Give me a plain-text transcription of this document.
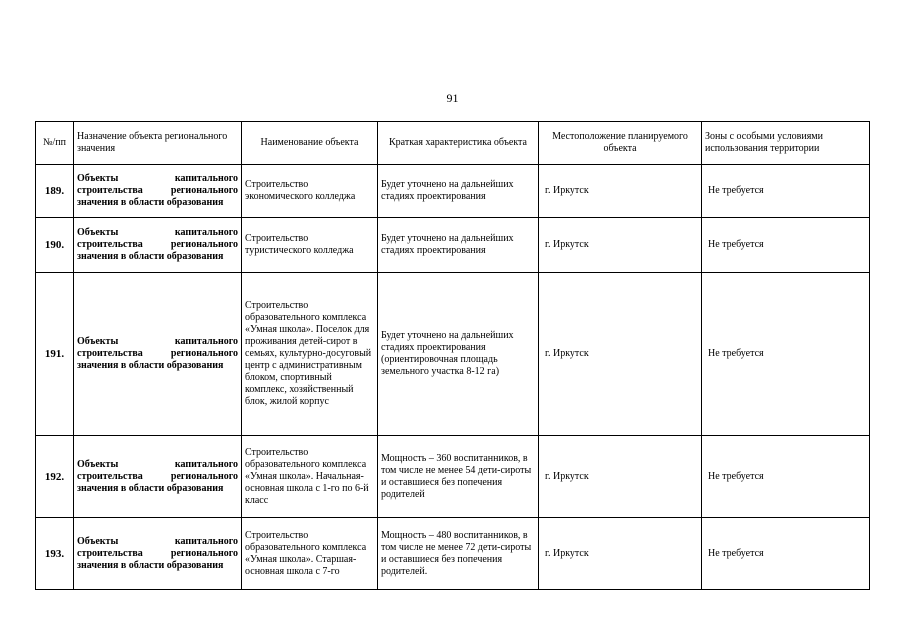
91
№/пп	Назначение объекта регионального значения	Наименование объекта	Краткая характеристика объекта	Местоположение планируемого объекта	Зоны с особыми условиями использования территории
189.	Объекты капитального строительства регионального значения в области образования	Строительство экономического колледжа	Будет уточнено на дальнейших стадиях проектирования	г. Иркутск	Не требуется
190.	Объекты капитального строительства регионального значения в области образования	Строительство туристического колледжа	Будет уточнено на дальнейших стадиях проектирования	г. Иркутск	Не требуется
191.	Объекты капитального строительства регионального значения в области образования	Строительство образовательного комплекса «Умная школа». Поселок для проживания детей-сирот в семьях, культурно-досуговый центр с административным блоком, спортивный комплекс, хозяйственный блок, жилой корпус	Будет уточнено на дальнейших стадиях проектирования (ориентировочная площадь земельного участка 8-12 га)	г. Иркутск	Не требуется
192.	Объекты капитального строительства регионального значения в области образования	Строительство образовательного комплекса «Умная школа». Начальная-основная школа с 1-го по 6-й класс	Мощность – 360 воспитанников, в том числе не менее 54 дети-сироты и оставшиеся без попечения родителей	г. Иркутск	Не требуется
193.	Объекты капитального строительства регионального значения в области образования	Строительство образовательного комплекса «Умная школа». Старшая-основная школа с 7-го	Мощность – 480 воспитанников, в том числе не менее 72 дети-сироты и оставшиеся без попечения родителей.	г. Иркутск	Не требуется
